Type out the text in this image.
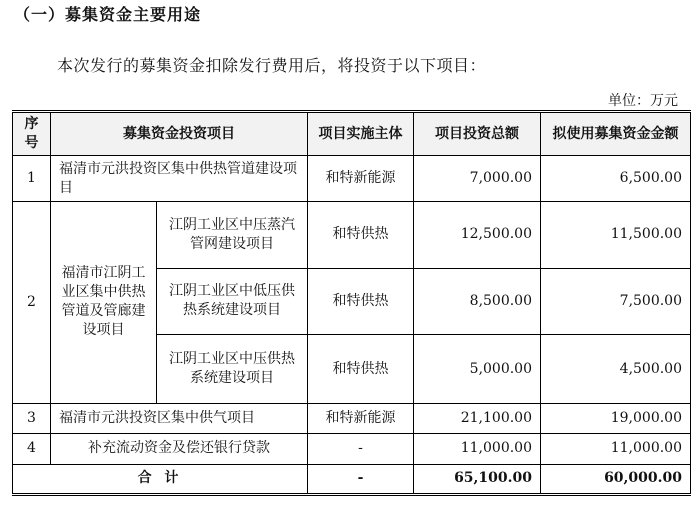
（一）募集资金主要用途
本次发行的募集资金扣除发行费用后，将投资于以下项目：
单位：万元
序号	募集资金投资项目		项目实施主体	项目投资总额	拟使用募集资金金额
1	福清市元洪投资区集中供热管道建设项目		和特新能源	7,000.00	6,500.00
2	福清市江阴工业区集中供热管道及管廊建设项目	江阴工业区中压蒸汽管网建设项目	和特供热	12,500.00	11,500.00
		江阴工业区中低压供热系统建设项目	和特供热	8,500.00	7,500.00
		江阴工业区中压供热系统建设项目	和特供热	5,000.00	4,500.00
3	福清市元洪投资区集中供气项目		和特新能源	21,100.00	19,000.00
4	补充流动资金及偿还银行贷款		-	11,000.00	11,000.00
合 计			-	65,100.00	60,000.00
